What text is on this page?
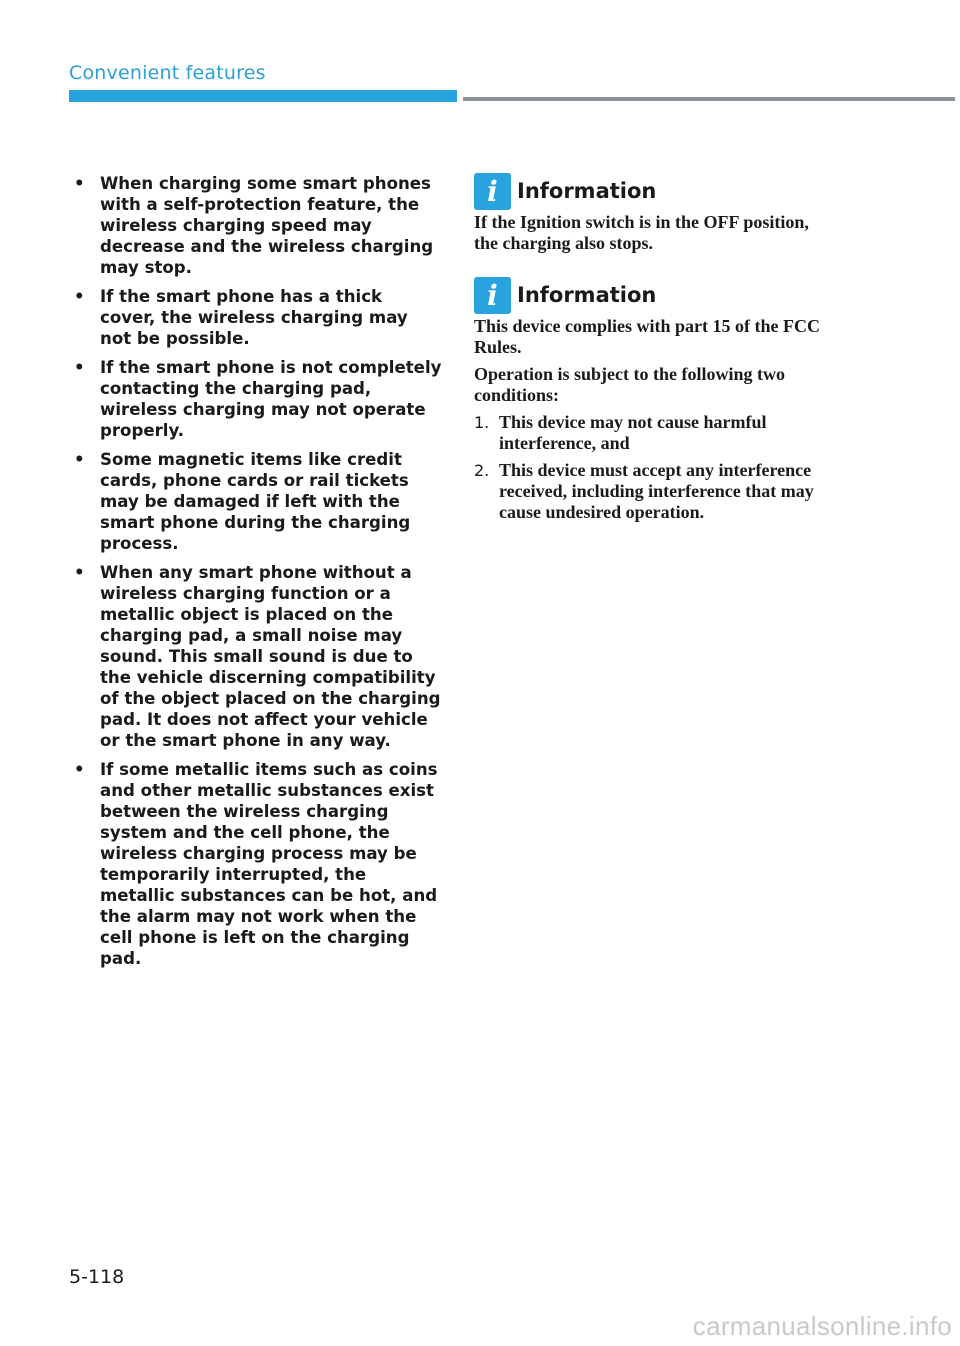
Convenient features
• When charging some smart phones with a self-protection feature, the wireless charging speed may decrease and the wireless charging may stop.
• If the smart phone has a thick cover, the wireless charging may not be possible.
• If the smart phone is not completely contacting the charging pad, wireless charging may not operate properly.
• Some magnetic items like credit cards, phone cards or rail tickets may be damaged if left with the smart phone during the charging process.
• When any smart phone without a wireless charging function or a metallic object is placed on the charging pad, a small noise may sound. This small sound is due to the vehicle discerning compatibility of the object placed on the charging pad. It does not affect your vehicle or the smart phone in any way.
• If some metallic items such as coins and other metallic substances exist between the wireless charging system and the cell phone, the wireless charging process may be temporarily interrupted, the metallic substances can be hot, and the alarm may not work when the cell phone is left on the charging pad.
i Information

If the Ignition switch is in the OFF position, the charging also stops.

i Information

This device complies with part 15 of the FCC Rules.

Operation is subject to the following two conditions:

1. This device may not cause harmful interference, and
2. This device must accept any interference received, including interference that may cause undesired operation.
5-118
carmanualsonline.info
